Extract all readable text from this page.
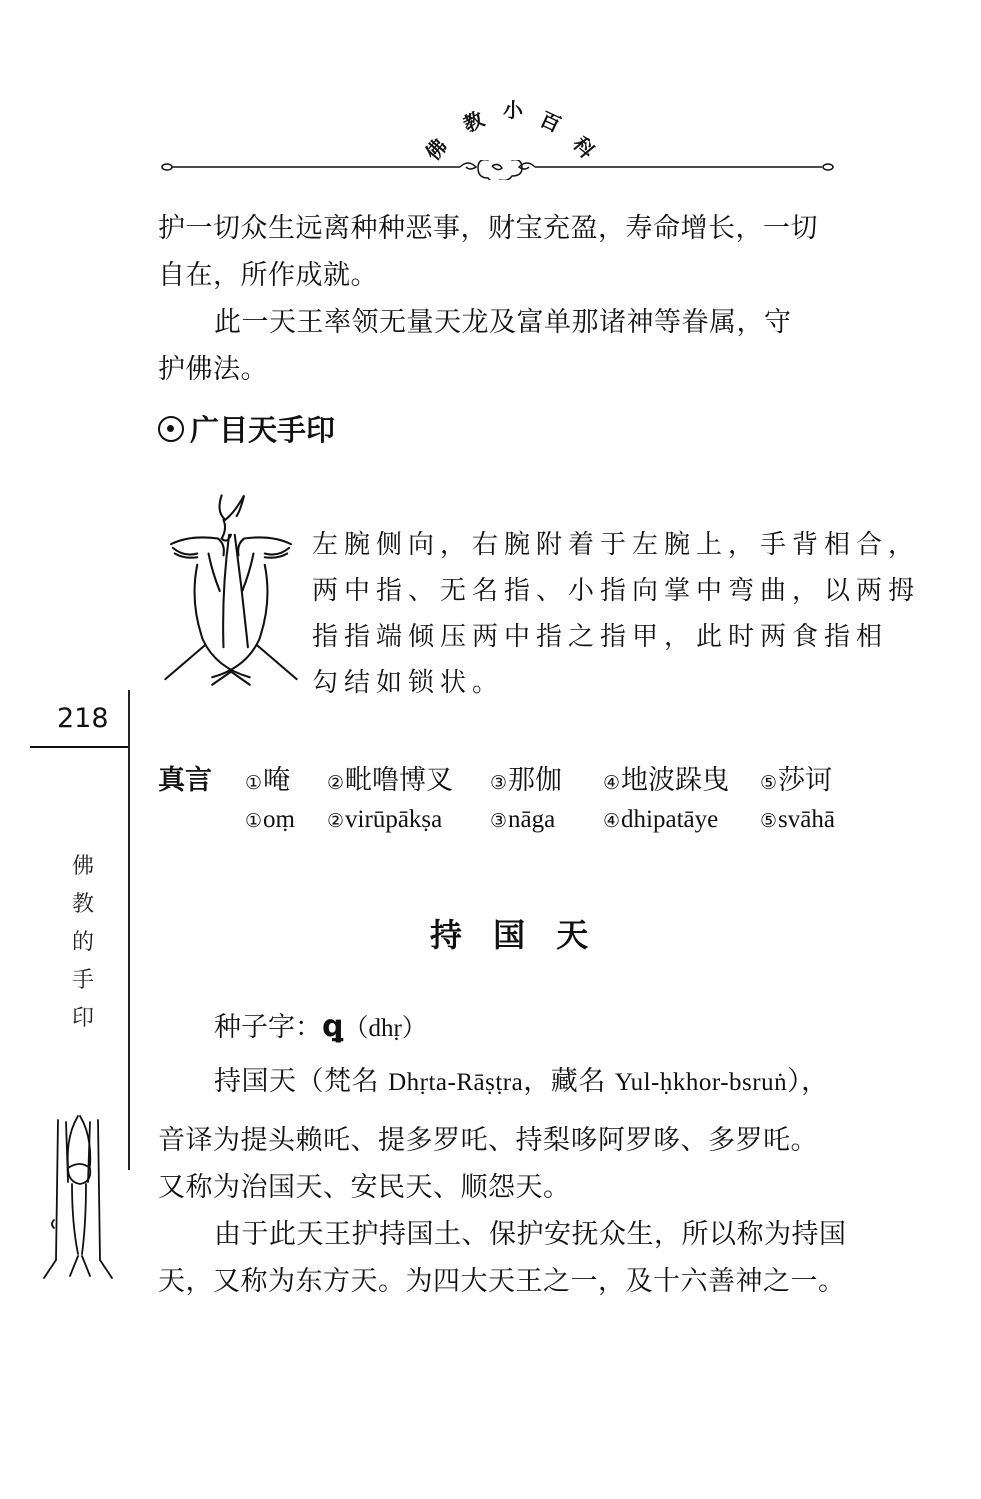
佛
教 小 百
科
护一切众生远离种种恶事，财宝充盈，寿命增长，一切
自在，所作成就。
此一天王率领无量天龙及富单那诸神等眷属，守
护佛法。
广目天手印
左腕侧向，右腕附着于左腕上，手背相合，
两中指、无名指、小指向掌中弯曲，以两拇
指指端倾压两中指之指甲，此时两食指相
勾结如锁状。
218
佛
教
的
手
印
真言 ①唵	②毗噜博叉	③那伽	④地波跺曳	⑤莎诃
①oṃ	②virūpākṣa	③nāga	④dhipatāye	⑤svāhā
持 国 天
种子字：ꝗ（dhṛ）
持国天（梵名 Dhṛta-Rāṣṭra，藏名 Yul-ḥkhor-bsruṅ），
音译为提头赖吒、提多罗吒、持梨哆阿罗哆、多罗吒。
又称为治国天、安民天、顺怨天。
由于此天王护持国土、保护安抚众生，所以称为持国
天，又称为东方天。为四大天王之一，及十六善神之一。
